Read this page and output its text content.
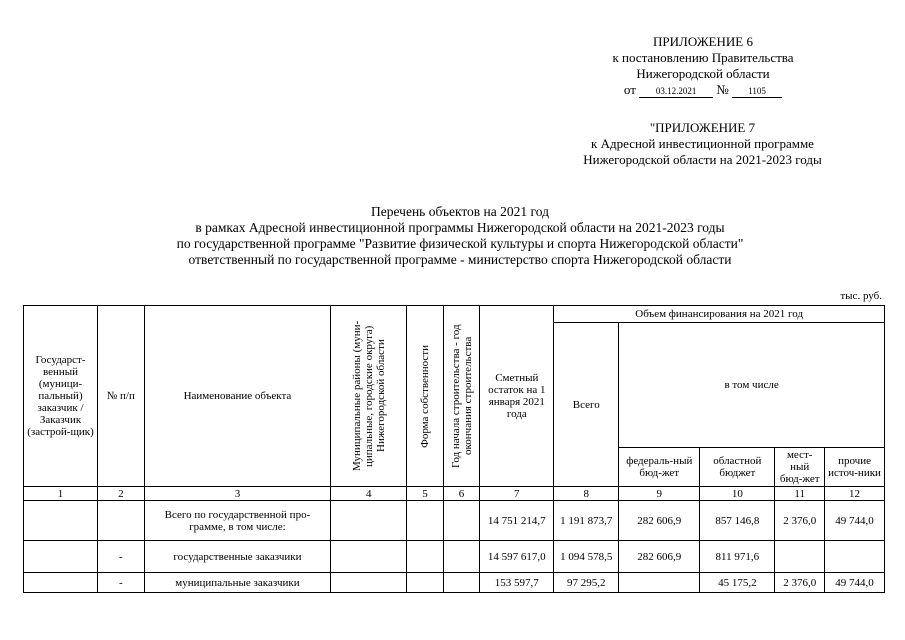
ПРИЛОЖЕНИЕ 6
к постановлению Правительства
Нижегородской области
от 03.12.2021 № 1105
"ПРИЛОЖЕНИЕ 7
к Адресной инвестиционной программе
Нижегородской области на 2021-2023 годы
Перечень объектов на 2021 год
в рамках Адресной инвестиционной программы Нижегородской области на 2021-2023 годы
по государственной программе "Развитие физической культуры и спорта Нижегородской области"
ответственный по государственной программе - министерство спорта Нижегородской области
тыс. руб.
Государст-венный (муници-пальный) заказчик / Заказчик (застрой-щик)	№ п/п	Наименование объекта	Муниципальные районы (муни-ципальные, городские округа) Нижегородской области	Форма собственности	Год начала строительства - год окончания строительства	Сметный остаток на 1 января 2021 года	Объем финансирования на 2021 год				
							Всего	в том числе			
								федераль-ный бюд-жет	областной бюджет	мест-ный бюд-жет	прочие источ-ники
1	2	3	4	5	6	7	8	9	10	11	12
		Всего по государственной про-грамме, в том числе:				14 751 214,7	1 191 873,7	282 606,9	857 146,8	2 376,0	49 744,0
	-	государственные заказчики				14 597 617,0	1 094 578,5	282 606,9	811 971,6		
	-	муниципальные заказчики				153 597,7	97 295,2		45 175,2	2 376,0	49 744,0
